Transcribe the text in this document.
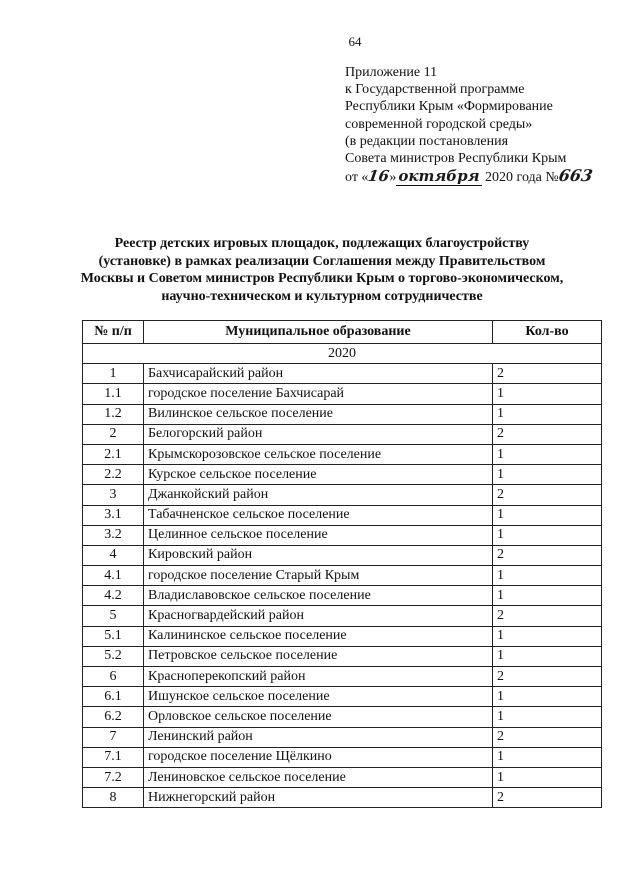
64
Приложение 11
к Государственной программе
Республики Крым «Формирование
современной городской среды»
(в редакции постановления
Совета министров Республики Крым
от «16» октября 2020 года №663
Реестр детских игровых площадок, подлежащих благоустройству (установке) в рамках реализации Соглашения между Правительством Москвы и Советом министров Республики Крым о торгово-экономическом, научно-техническом и культурном сотрудничестве
№ п/п	Муниципальное образование	Кол-во
2020		
1	Бахчисарайский район	2
1.1	городское поселение Бахчисарай	1
1.2	Вилинское сельское поселение	1
2	Белогорский район	2
2.1	Крымскорозовское сельское поселение	1
2.2	Курское сельское поселение	1
3	Джанкойский район	2
3.1	Табачненское сельское поселение	1
3.2	Целинное сельское поселение	1
4	Кировский район	2
4.1	городское поселение Старый Крым	1
4.2	Владиславовское сельское поселение	1
5	Красногвардейский район	2
5.1	Калининское сельское поселение	1
5.2	Петровское сельское поселение	1
6	Красноперекопский район	2
6.1	Ишунское сельское поселение	1
6.2	Орловское сельское поселение	1
7	Ленинский район	2
7.1	городское поселение Щёлкино	1
7.2	Лениновское сельское поселение	1
8	Нижнегорский район	2
